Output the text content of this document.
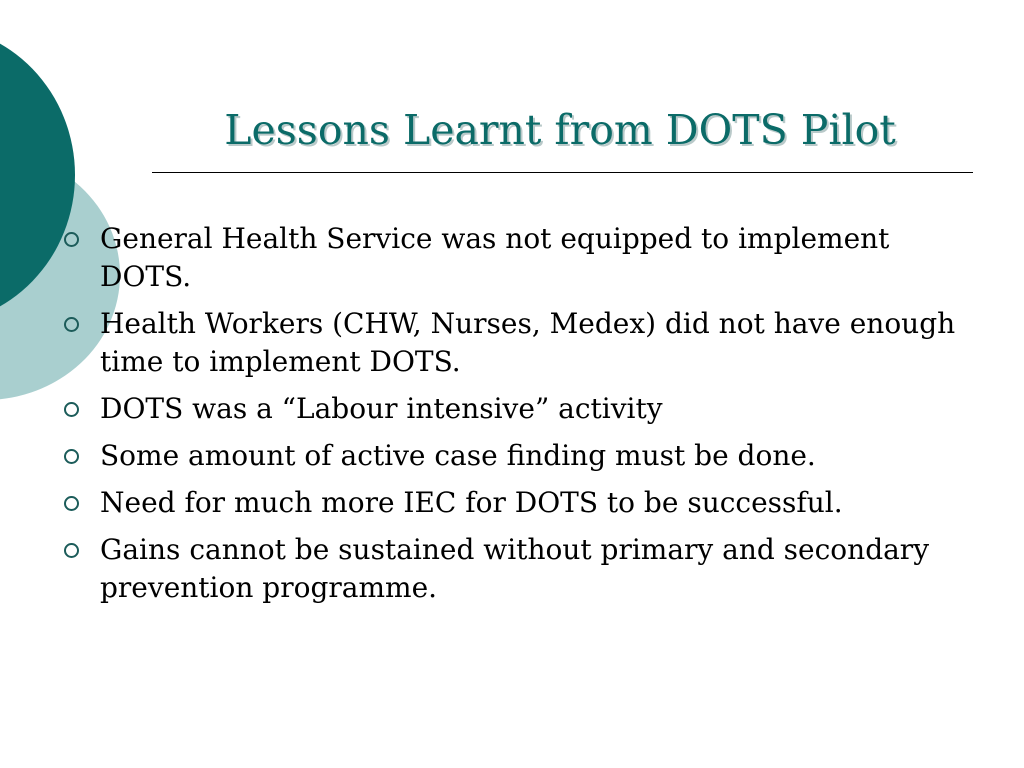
Lessons Learnt from DOTS Pilot
General Health Service was not equipped to implement DOTS.
Health Workers (CHW, Nurses, Medex) did not have enough time to implement DOTS.
DOTS was a “Labour intensive” activity
Some amount of active case finding must be done.
Need for much more IEC for DOTS to be successful.
Gains cannot be sustained without primary and secondary prevention programme.
